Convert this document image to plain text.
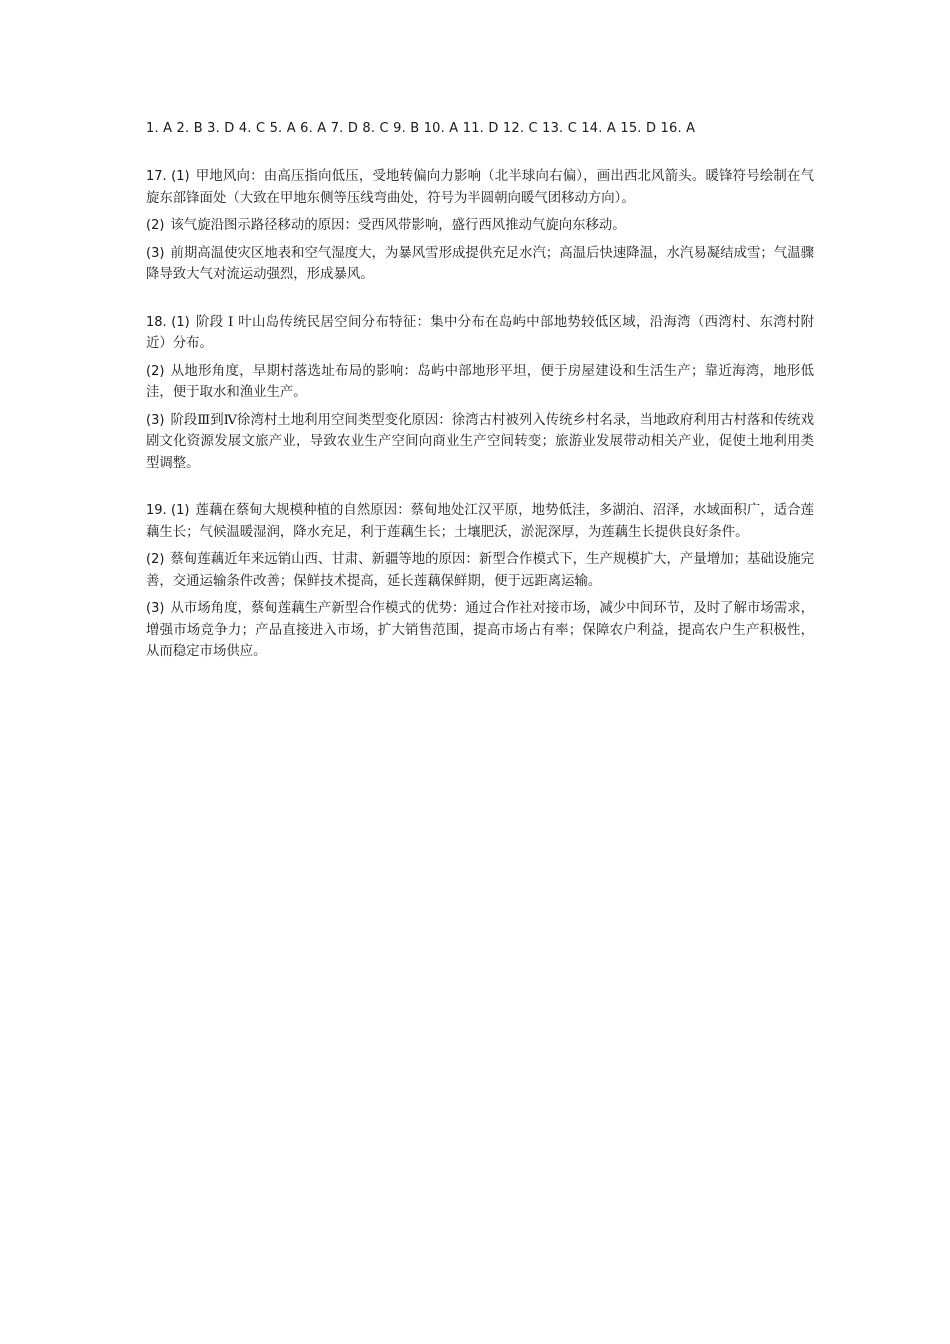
1. A 2. B 3. D 4. C 5. A 6. A 7. D 8. C 9. B 10. A 11. D 12. C 13. C 14. A 15. D 16. A

17. (1) 甲地风向：由高压指向低压，受地转偏向力影响（北半球向右偏），画出西北风箭头。暖锋符号绘制在气旋东部锋面处（大致在甲地东侧等压线弯曲处，符号为半圆朝向暖气团移动方向）。

(2) 该气旋沿图示路径移动的原因：受西风带影响，盛行西风推动气旋向东移动。

(3) 前期高温使灾区地表和空气湿度大，为暴风雪形成提供充足水汽；高温后快速降温，水汽易凝结成雪；气温骤降导致大气对流运动强烈，形成暴风。

18. (1) 阶段 Ⅰ 叶山岛传统民居空间分布特征：集中分布在岛屿中部地势较低区域，沿海湾（西湾村、东湾村附近）分布。

(2) 从地形角度，早期村落选址布局的影响：岛屿中部地形平坦，便于房屋建设和生活生产；靠近海湾，地形低洼，便于取水和渔业生产。

(3) 阶段Ⅲ到Ⅳ徐湾村土地利用空间类型变化原因：徐湾古村被列入传统乡村名录，当地政府利用古村落和传统戏剧文化资源发展文旅产业，导致农业生产空间向商业生产空间转变；旅游业发展带动相关产业，促使土地利用类型调整。

19. (1) 莲藕在蔡甸大规模种植的自然原因：蔡甸地处江汉平原，地势低洼，多湖泊、沼泽，水域面积广，适合莲藕生长；气候温暖湿润，降水充足，利于莲藕生长；土壤肥沃，淤泥深厚，为莲藕生长提供良好条件。

(2) 蔡甸莲藕近年来远销山西、甘肃、新疆等地的原因：新型合作模式下，生产规模扩大，产量增加；基础设施完善，交通运输条件改善；保鲜技术提高，延长莲藕保鲜期，便于远距离运输。

(3) 从市场角度，蔡甸莲藕生产新型合作模式的优势：通过合作社对接市场，减少中间环节，及时了解市场需求，增强市场竞争力；产品直接进入市场，扩大销售范围，提高市场占有率；保障农户利益，提高农户生产积极性，从而稳定市场供应。
